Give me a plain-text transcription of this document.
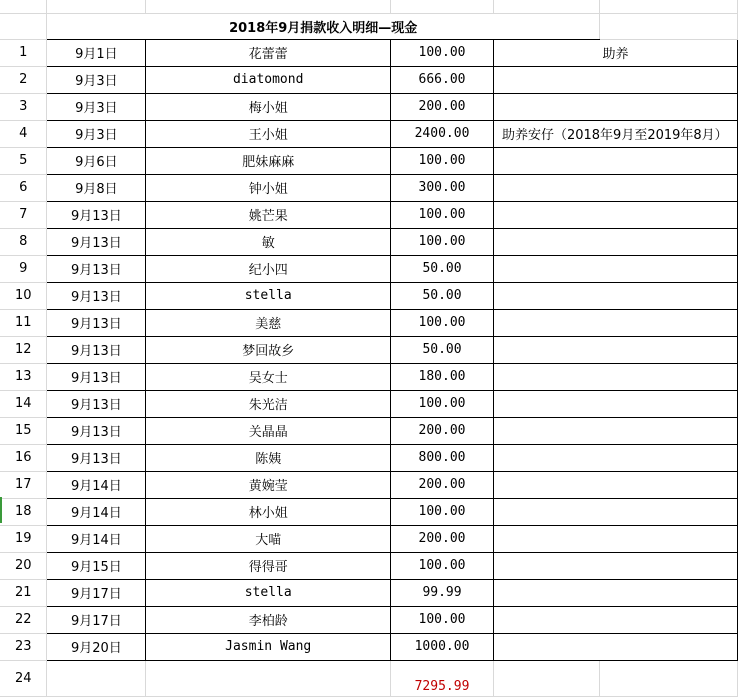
	2018年9月捐款收入明细—现金				
1	9月1日	花蕾蕾	100.00	助养	
2	9月3日	diatomond	666.00		
3	9月3日	梅小姐	200.00		
4	9月3日	王小姐	2400.00	助养安仔（2018年9月至2019年8月）	
5	9月6日	肥妹麻麻	100.00		
6	9月8日	钟小姐	300.00		
7	9月13日	姚芒果	100.00		
8	9月13日	敏	100.00		
9	9月13日	纪小四	50.00		
10	9月13日	stella	50.00		
11	9月13日	美慈	100.00		
12	9月13日	梦回故乡	50.00		
13	9月13日	吴女士	180.00		
14	9月13日	朱光洁	100.00		
15	9月13日	关晶晶	200.00		
16	9月13日	陈姨	800.00		
17	9月14日	黄婉莹	200.00		
18	9月14日	林小姐	100.00		
19	9月14日	大喵	200.00		
20	9月15日	得得哥	100.00		
21	9月17日	stella	99.99		
22	9月17日	李柏龄	100.00		
23	9月20日	Jasmin Wang	1000.00		
24			7295.99		
